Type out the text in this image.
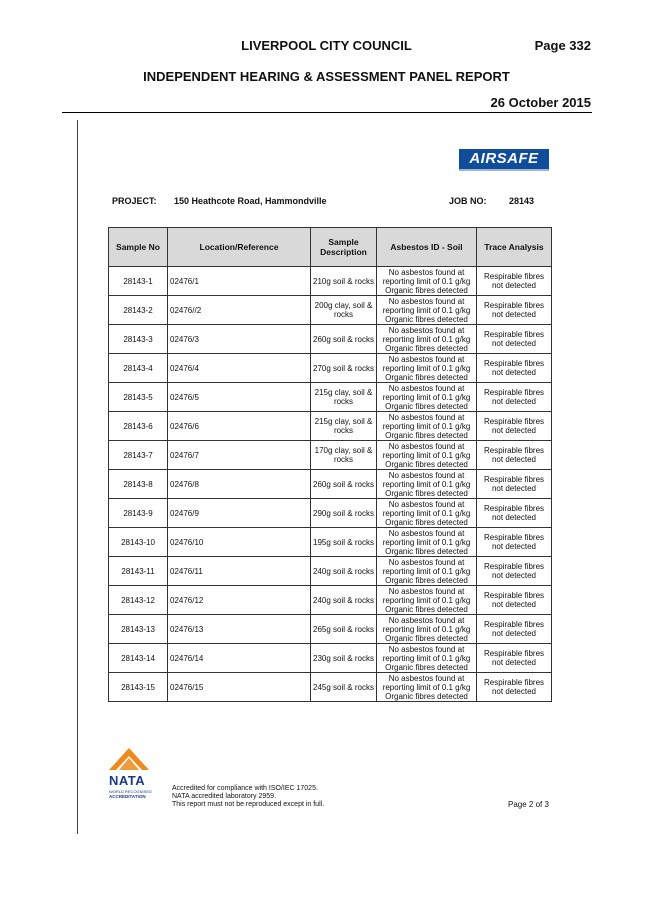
LIVERPOOL CITY COUNCIL	Page 332
INDEPENDENT HEARING & ASSESSMENT PANEL REPORT
26 October 2015
AIRSAFE
PROJECT: 150 Heathcote Road, Hammondville	JOB NO: 28143
Sample No	Location/Reference	Sample Description	Asbestos ID - Soil	Trace Analysis
28143-1	02476/1	210g soil & rocks	No asbestos found at reporting limit of 0.1 g/kg Organic fibres detected	Respirable fibres not detected
28143-2	02476//2	200g clay, soil & rocks	No asbestos found at reporting limit of 0.1 g/kg Organic fibres detected	Respirable fibres not detected
28143-3	02476/3	260g soil & rocks	No asbestos found at reporting limit of 0.1 g/kg Organic fibres detected	Respirable fibres not detected
28143-4	02476/4	270g soil & rocks	No asbestos found at reporting limit of 0.1 g/kg Organic fibres detected	Respirable fibres not detected
28143-5	02476/5	215g clay, soil & rocks	No asbestos found at reporting limit of 0.1 g/kg Organic fibres detected	Respirable fibres not detected
28143-6	02476/6	215g clay, soil & rocks	No asbestos found at reporting limit of 0.1 g/kg Organic fibres detected	Respirable fibres not detected
28143-7	02476/7	170g clay, soil & rocks	No asbestos found at reporting limit of 0.1 g/kg Organic fibres detected	Respirable fibres not detected
28143-8	02476/8	260g soil & rocks	No asbestos found at reporting limit of 0.1 g/kg Organic fibres detected	Respirable fibres not detected
28143-9	02476/9	290g soil & rocks	No asbestos found at reporting limit of 0.1 g/kg Organic fibres detected	Respirable fibres not detected
28143-10	02476/10	195g soil & rocks	No asbestos found at reporting limit of 0.1 g/kg Organic fibres detected	Respirable fibres not detected
28143-11	02476/11	240g soil & rocks	No asbestos found at reporting limit of 0.1 g/kg Organic fibres detected	Respirable fibres not detected
28143-12	02476/12	240g soil & rocks	No asbestos found at reporting limit of 0.1 g/kg Organic fibres detected	Respirable fibres not detected
28143-13	02476/13	265g soil & rocks	No asbestos found at reporting limit of 0.1 g/kg Organic fibres detected	Respirable fibres not detected
28143-14	02476/14	230g soil & rocks	No asbestos found at reporting limit of 0.1 g/kg Organic fibres detected	Respirable fibres not detected
28143-15	02476/15	245g soil & rocks	No asbestos found at reporting limit of 0.1 g/kg Organic fibres detected	Respirable fibres not detected
NATA
WORLD RECOGNISED
ACCREDITATION
Accredited for compliance with ISO/IEC 17025.
NATA accredited laboratory 2959.
This report must not be reproduced except in full.	Page 2 of 3
